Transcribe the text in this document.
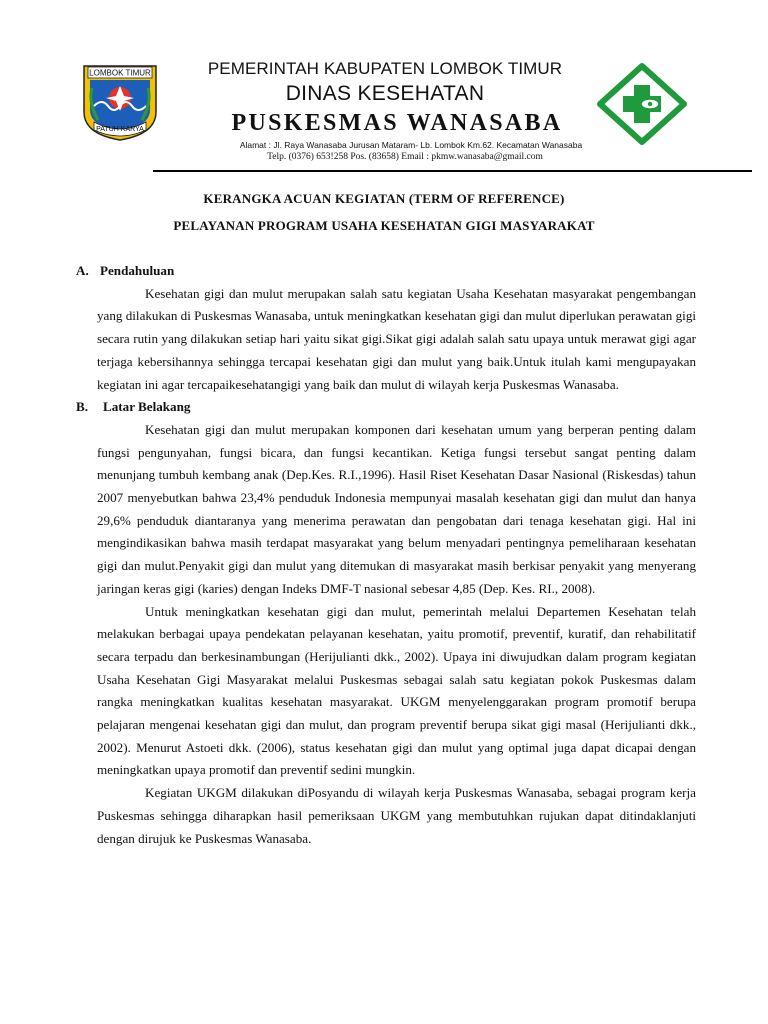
LOMBOK TIMUR
PATUH KARYA
PEMERINTAH KABUPATEN LOMBOK TIMUR
DINAS KESEHATAN
PUSKESMAS WANASABA
Alamat : Jl. Raya Wanasaba Jurusan Mataram- Lb. Lombok Km.62. Kecamatan Wanasaba
Telp. (0376) 653!258 Pos. (83658) Email : pkmw.wanasaba@gmail.com
KERANGKA ACUAN KEGIATAN (TERM OF REFERENCE)
PELAYANAN PROGRAM USAHA KESEHATAN GIGI MASYARAKAT
A. Pendahuluan

Kesehatan gigi dan mulut merupakan salah satu kegiatan Usaha Kesehatan masyarakat pengembangan yang dilakukan di Puskesmas Wanasaba, untuk meningkatkan kesehatan gigi dan mulut diperlukan perawatan gigi secara rutin yang dilakukan setiap hari yaitu sikat gigi.Sikat gigi adalah salah satu upaya untuk merawat gigi agar terjaga kebersihannya sehingga tercapai kesehatan gigi dan mulut yang baik.Untuk itulah kami mengupayakan kegiatan ini agar tercapaikesehatangigi yang baik dan mulut di wilayah kerja Puskesmas Wanasaba.

B.	Latar Belakang

Kesehatan gigi dan mulut merupakan komponen dari kesehatan umum yang berperan penting dalam fungsi pengunyahan, fungsi bicara, dan fungsi kecantikan. Ketiga fungsi tersebut sangat penting dalam menunjang tumbuh kembang anak (Dep.Kes. R.I.,1996). Hasil Riset Kesehatan Dasar Nasional (Riskesdas) tahun 2007 menyebutkan bahwa 23,4% penduduk Indonesia mempunyai masalah kesehatan gigi dan mulut dan hanya 29,6% penduduk diantaranya yang menerima perawatan dan pengobatan dari tenaga kesehatan gigi. Hal ini mengindikasikan bahwa masih terdapat masyarakat yang belum menyadari pentingnya pemeliharaan kesehatan gigi dan mulut.Penyakit gigi dan mulut yang ditemukan di masyarakat masih berkisar penyakit yang menyerang jaringan keras gigi (karies) dengan Indeks DMF-T nasional sebesar 4,85 (Dep. Kes. RI., 2008).

Untuk meningkatkan kesehatan gigi dan mulut, pemerintah melalui Departemen Kesehatan telah melakukan berbagai upaya pendekatan pelayanan kesehatan, yaitu promotif, preventif, kuratif, dan rehabilitatif secara terpadu dan berkesinambungan (Herijulianti dkk., 2002). Upaya ini diwujudkan dalam program kegiatan Usaha Kesehatan Gigi Masyarakat melalui Puskesmas sebagai salah satu kegiatan pokok Puskesmas dalam rangka meningkatkan kualitas kesehatan masyarakat. UKGM menyelenggarakan program promotif berupa pelajaran mengenai kesehatan gigi dan mulut, dan program preventif berupa sikat gigi masal (Herijulianti dkk., 2002). Menurut Astoeti dkk. (2006), status kesehatan gigi dan mulut yang optimal juga dapat dicapai dengan meningkatkan upaya promotif dan preventif sedini mungkin.

Kegiatan UKGM dilakukan diPosyandu di wilayah kerja Puskesmas Wanasaba, sebagai program kerja Puskesmas sehingga diharapkan hasil pemeriksaan UKGM yang membutuhkan rujukan dapat ditindaklanjuti dengan dirujuk ke Puskesmas Wanasaba.
